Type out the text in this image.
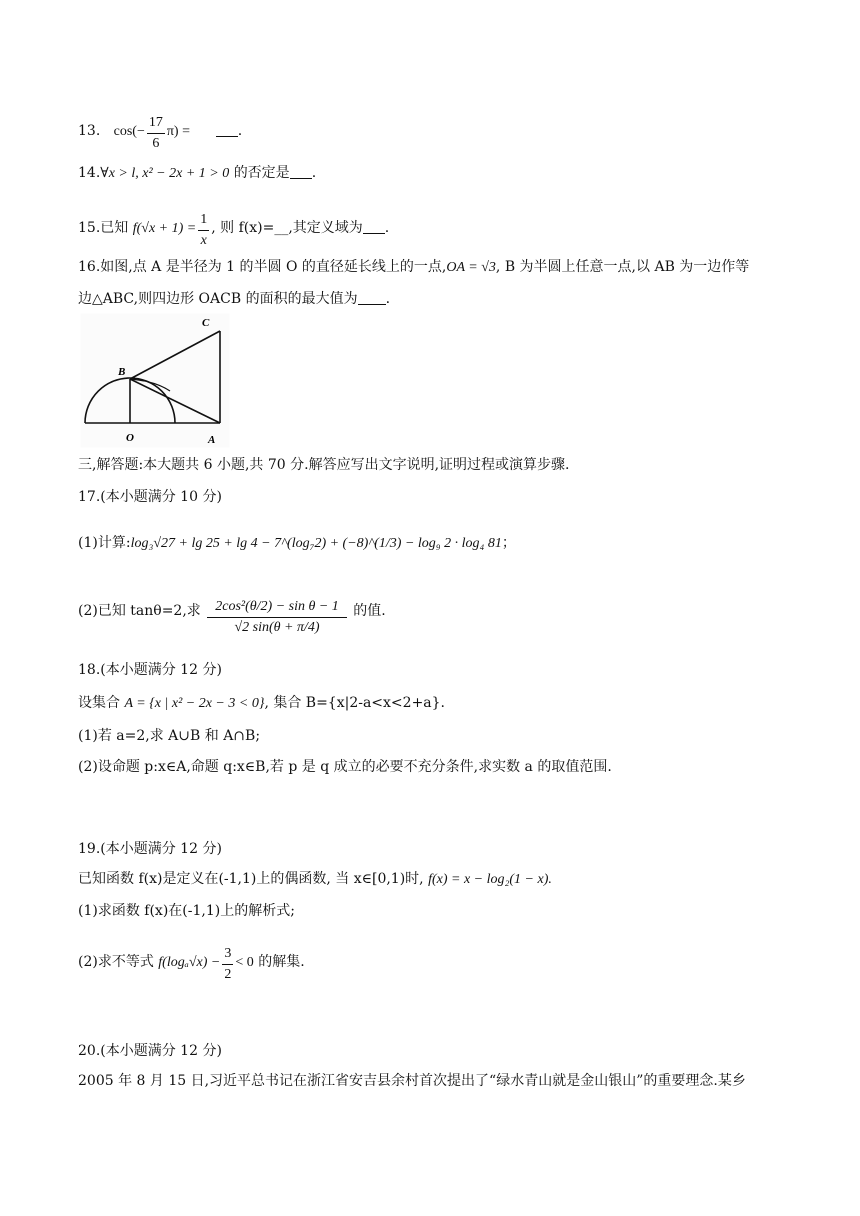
13. $\cos(- \frac{17}{6} \pi)$ =	.
14.∀x > l, x² − 2x + 1 > 0 的否定是 .
15.已知 $f(√x + 1) = \frac{1}{x}$ , 则 f(x)=__,其定义域为 .
16.如图,点 A 是半径为 1 的半圆 O 的直径延长线上的一点,OA = √3, B 为半圆上任意一点,以 AB 为一边作等
边△ABC,则四边形 OACB 的面积的最大值为 .
C
B
O	A
三,解答题:本大题共 6 小题,共 70 分.解答应写出文字说明,证明过程或演算步骤.
17.(本小题满分 10 分)
(1)计算:log₃√27 + lg 25 + lg 4 − 7^(log₇2) + (−8)^(1/3) − log₉ 2 · log₄ 81；
(2)已知 tanθ=2,求 $\frac{\text{2cos²(θ/2) − sin θ − 1}}{√2 \sin(\theta + \pi/4)}$ 的值.
18.(本小题满分 12 分)
设集合 A = {x | x² − 2x − 3 < 0}, 集合 B={x|2-a<x<2+a}.
(1)若 a=2,求 A∪B 和 A∩B;
(2)设命题 p:x∈A,命题 q:x∈B,若 p 是 q 成立的必要不充分条件,求实数 a 的取值范围.
19.(本小题满分 12 分)
已知函数 f(x)是定义在(-1,1)上的偶函数, 当 x∈[0,1)时, f(x) = x − log₂(1 − x).
(1)求函数 f(x)在(-1,1)上的解析式;
(2)求不等式 $f(\log_a√x) - \frac{3}{2} < 0$ 的解集.
20.(本小题满分 12 分)
2005 年 8 月 15 日,习近平总书记在浙江省安吉县余村首次提出了“绿水青山就是金山银山”的重要理念.某乡
